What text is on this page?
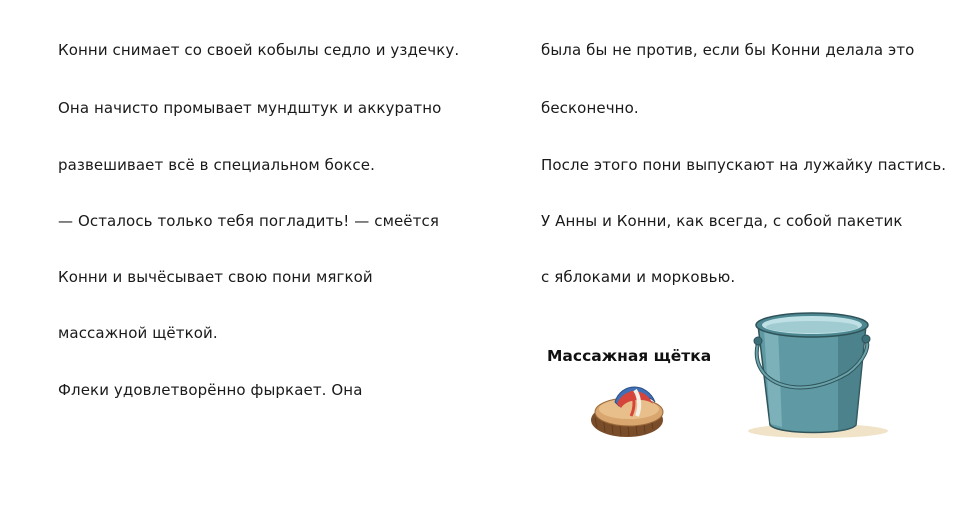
Конни снимает со своей кобылы седло и уздечку.
Она начисто промывает мундштук и аккуратно
развешивает всё в специальном боксе.
— Осталось только тебя погладить! — смеётся
Конни и вычёсывает свою пони мягкой
массажной щёткой.
Флеки удовлетворённо фыркает. Она
была бы не против, если бы Конни делала это
бесконечно.
После этого пони выпускают на лужайку пастись.
У Анны и Конни, как всегда, с собой пакетик
с яблоками и морковью.
Массажная щётка
